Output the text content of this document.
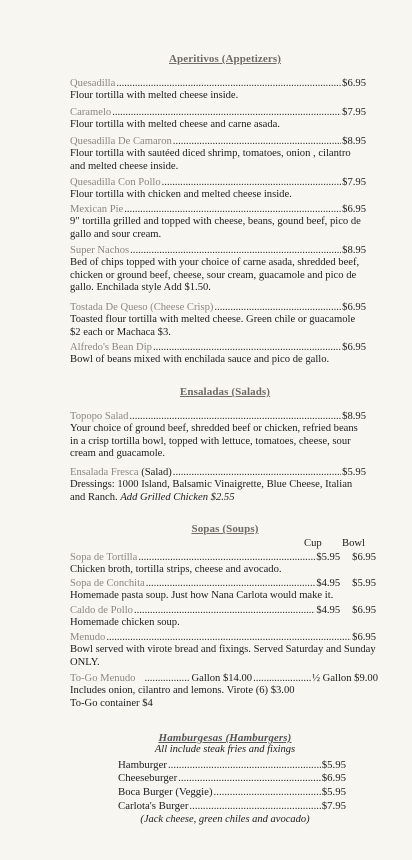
Aperitivos (Appetizers)
Quesadilla .....	$6.95
Flour tortilla with melted cheese inside.
Caramelo .....	$7.95
Flour tortilla with melted cheese and carne asada.
Quesadilla De Camaron .....	$8.95
Flour tortilla with sautéed diced shrimp, tomatoes, onion , cilantro and melted cheese inside.
Quesadilla Con Pollo .....	$7.95
Flour tortilla with chicken and melted cheese inside.
Mexican Pie .....	$6.95
9" tortilla grilled and topped with cheese, beans, gound beef, pico de gallo and sour cream.
Super Nachos .....	$8.95
Bed of chips topped with your choice of carne asada, shredded beef, chicken or ground beef, cheese, sour cream, guacamole and pico de gallo. Enchilada style Add $1.50.
Tostada De Queso (Cheese Crisp) .....	$6.95
Toasted flour tortilla with melted cheese. Green chile or guacamole $2 each or Machaca $3.
Alfredo's Bean Dip .....	$6.95
Bowl of beans mixed with enchilada sauce and pico de gallo.
Ensaladas (Salads)
Topopo Salad .....	$8.95
Your choice of ground beef, shredded beef or chicken, refried beans in a crisp tortilla bowl, topped with lettuce, tomatoes, cheese, sour cream and guacamole.
Ensalada Fresca
(Salad) .....	$5.95
Dressings: 1000 Island, Balsamic Vinaigrette, Blue Cheese, Italian and Ranch. Add Grilled Chicken $2.55
Sopas (Soups)
Cup Bowl
Sopa de Tortilla .....	$5.95 $6.95
Chicken broth, tortilla strips, cheese and avocado.
Sopa de Conchita .....	$4.95 $5.95
Homemade pasta soup. Just how Nana Carlota would make it.
Caldo de Pollo .....	$4.95 $6.95
Homemade chicken soup.
Menudo .....	$6.95
Bowl served with virote bread and fixings. Served Saturday and Sunday ONLY.
To-Go Menudo .....	Gallon $14.00 .....	½ Gallon $9.00
Includes onion, cilantro and lemons. Virote (6) $3.00
To-Go container $4
Hamburgesas (Hamburgers)
All include steak fries and fixings
Hamburger .....	$5.95
Cheeseburger .....	$6.95
Boca Burger (Veggie) .....	$5.95
Carlota's Burger .....	$7.95
(Jack cheese, green chiles and avocado)
